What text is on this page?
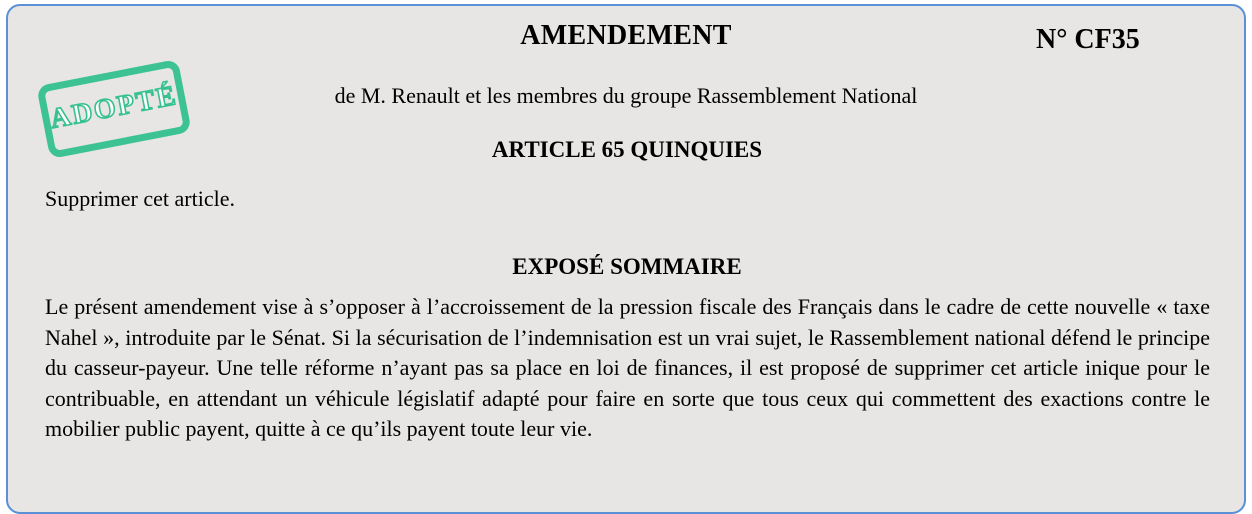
AMENDEMENT	N° CF35
ADOPTÉ	de M. Renault et les membres du groupe Rassemblement National
ARTICLE 65 QUINQUIES
Supprimer cet article.
EXPOSÉ SOMMAIRE
Le présent amendement vise à s’opposer à l’accroissement de la pression fiscale des Français dans le cadre de cette nouvelle « taxe Nahel », introduite par le Sénat. Si la sécurisation de l’indemnisation est un vrai sujet, le Rassemblement national défend le principe du casseur-payeur. Une telle réforme n’ayant pas sa place en loi de finances, il est proposé de supprimer cet article inique pour le contribuable, en attendant un véhicule législatif adapté pour faire en sorte que tous ceux qui commettent des exactions contre le mobilier public payent, quitte à ce qu’ils payent toute leur vie.
